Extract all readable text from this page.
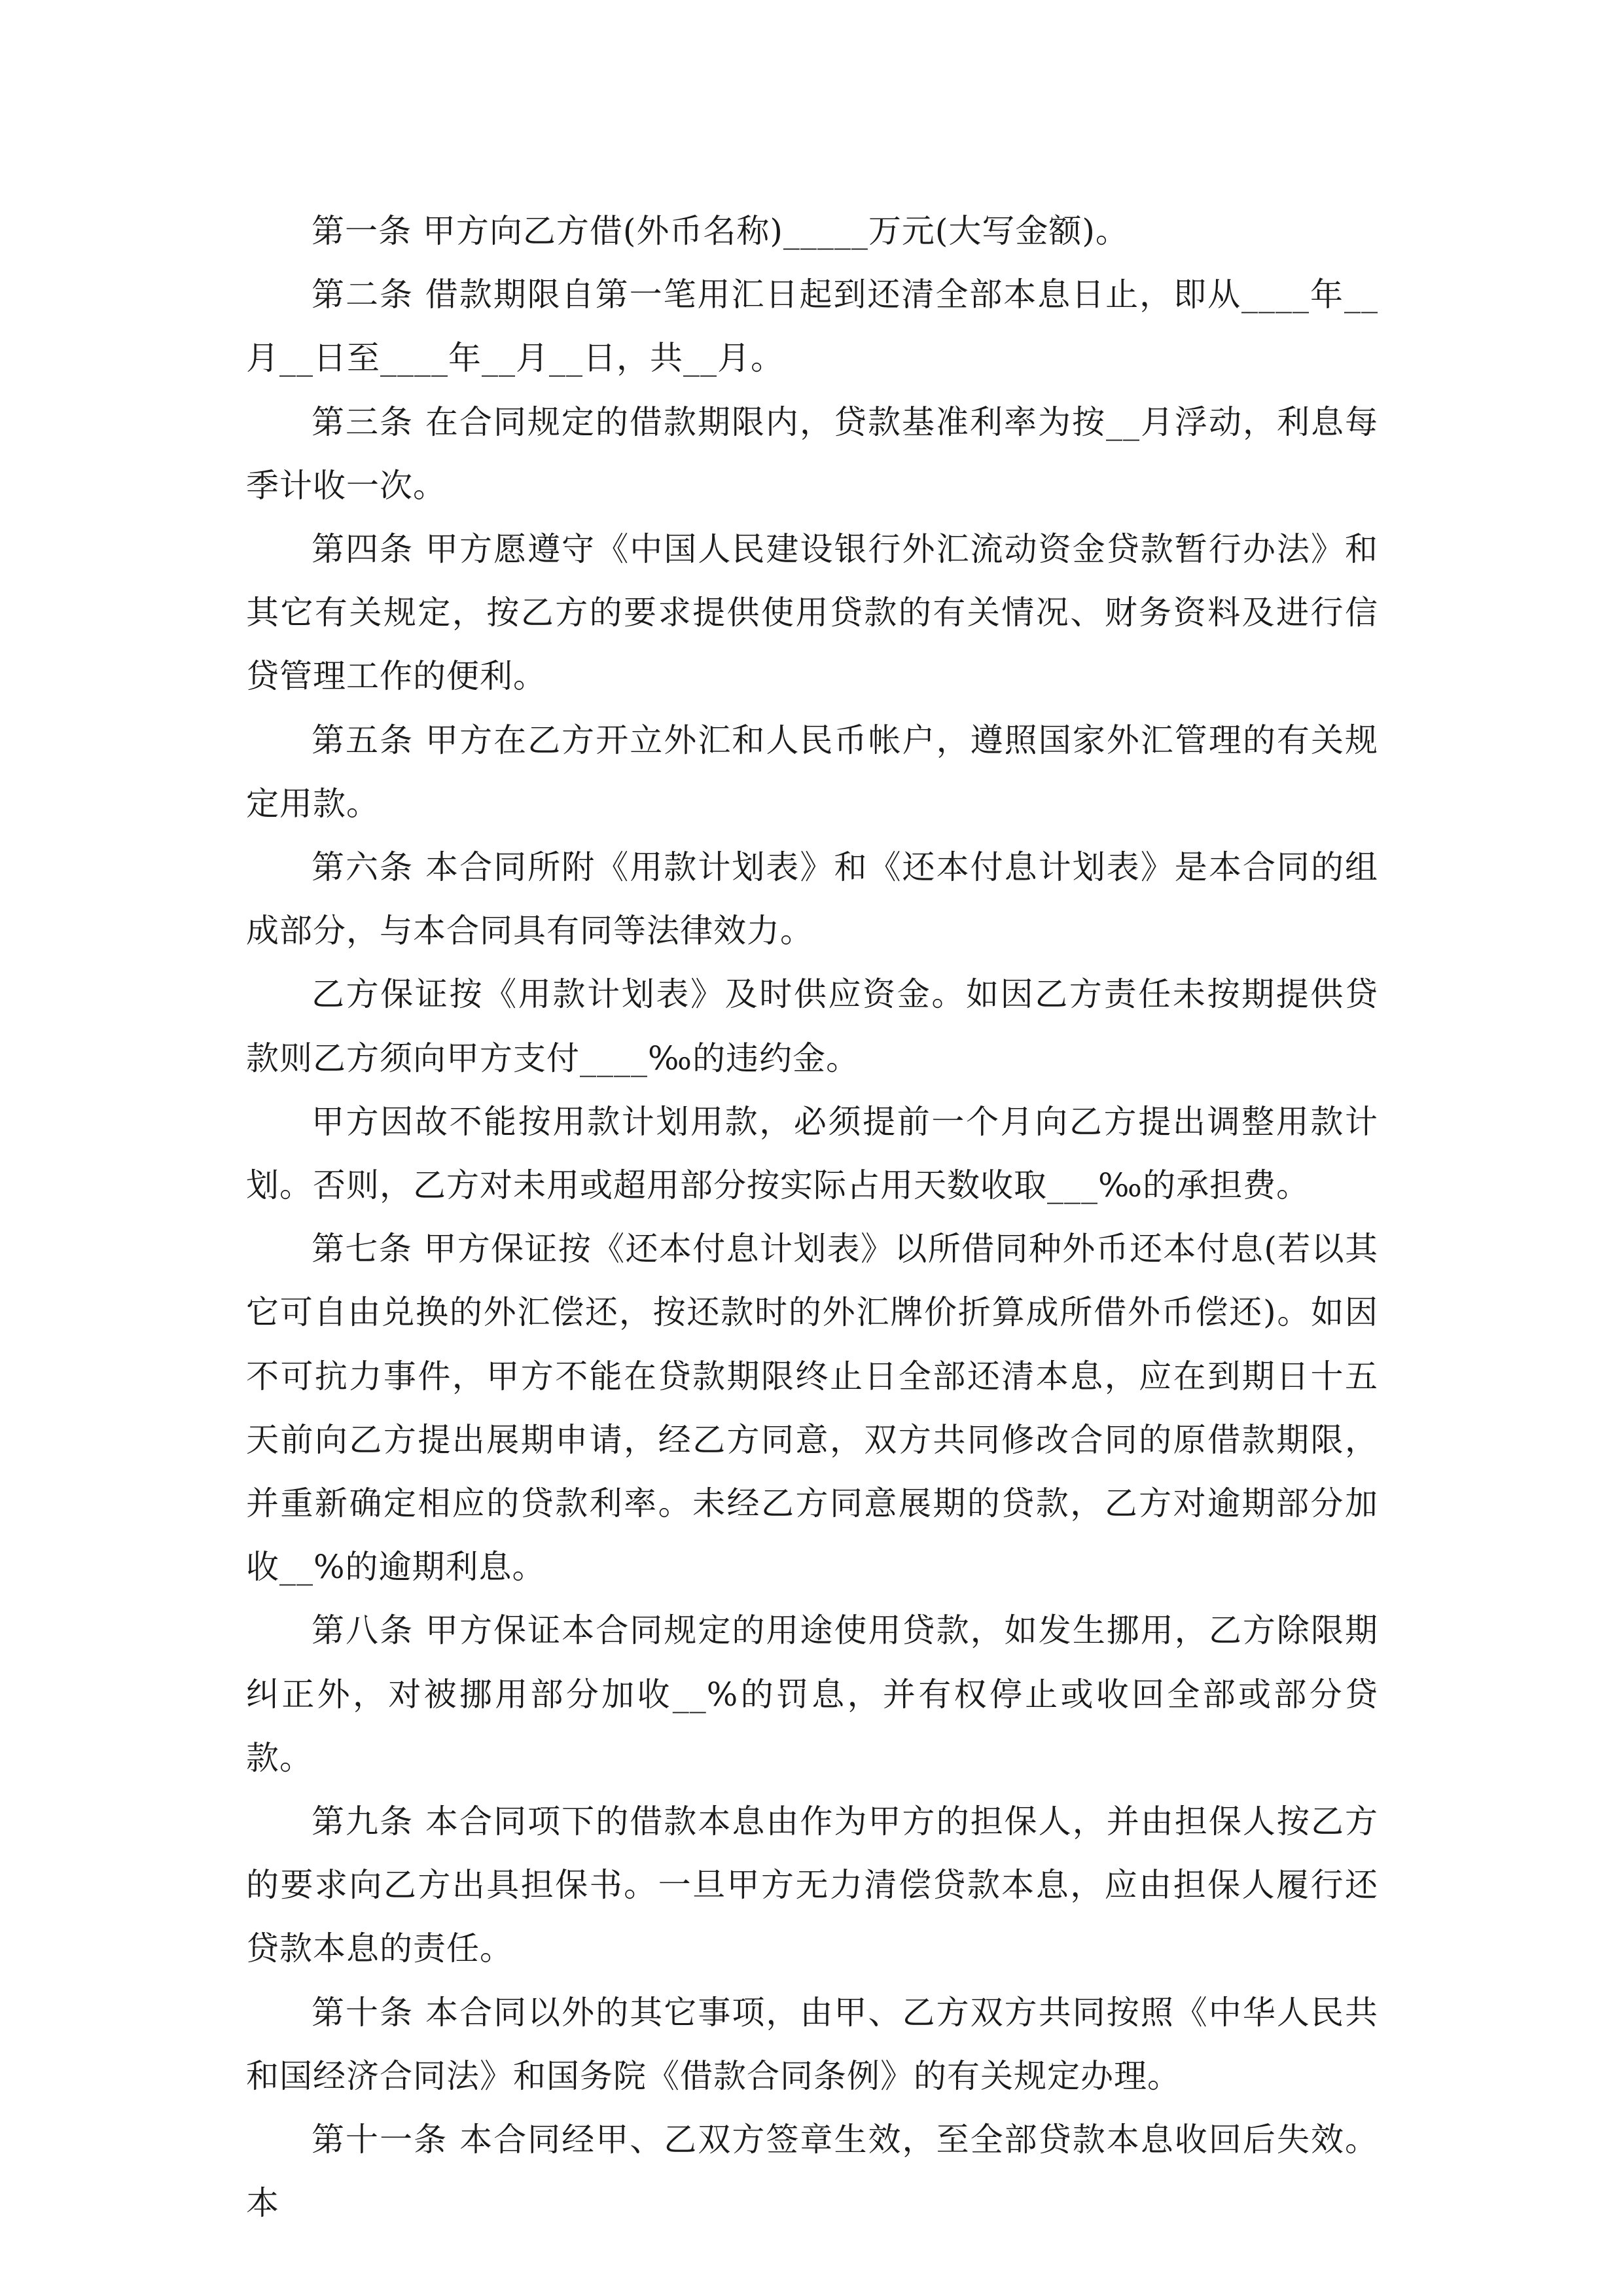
第一条 甲方向乙方借(外币名称)_____万元(大写金额)。

第二条 借款期限自第一笔用汇日起到还清全部本息日止，即从____年__月__日至____年__月__日，共__月。

第三条 在合同规定的借款期限内，贷款基准利率为按__月浮动，利息每季计收一次。

第四条 甲方愿遵守《中国人民建设银行外汇流动资金贷款暂行办法》和其它有关规定，按乙方的要求提供使用贷款的有关情况、财务资料及进行信贷管理工作的便利。

第五条 甲方在乙方开立外汇和人民币帐户，遵照国家外汇管理的有关规定用款。

第六条 本合同所附《用款计划表》和《还本付息计划表》是本合同的组成部分，与本合同具有同等法律效力。

乙方保证按《用款计划表》及时供应资金。如因乙方责任未按期提供贷款则乙方须向甲方支付____‰的违约金。

甲方因故不能按用款计划用款，必须提前一个月向乙方提出调整用款计划。否则，乙方对未用或超用部分按实际占用天数收取___‰的承担费。

第七条 甲方保证按《还本付息计划表》以所借同种外币还本付息(若以其它可自由兑换的外汇偿还，按还款时的外汇牌价折算成所借外币偿还)。如因不可抗力事件，甲方不能在贷款期限终止日全部还清本息，应在到期日十五天前向乙方提出展期申请，经乙方同意，双方共同修改合同的原借款期限，并重新确定相应的贷款利率。未经乙方同意展期的贷款，乙方对逾期部分加收__%的逾期利息。

第八条 甲方保证本合同规定的用途使用贷款，如发生挪用，乙方除限期纠正外，对被挪用部分加收__%的罚息，并有权停止或收回全部或部分贷款。

第九条 本合同项下的借款本息由作为甲方的担保人，并由担保人按乙方的要求向乙方出具担保书。一旦甲方无力清偿贷款本息，应由担保人履行还贷款本息的责任。

第十条 本合同以外的其它事项，由甲、乙方双方共同按照《中华人民共和国经济合同法》和国务院《借款合同条例》的有关规定办理。

第十一条 本合同经甲、乙双方签章生效，至全部贷款本息收回后失效。本
